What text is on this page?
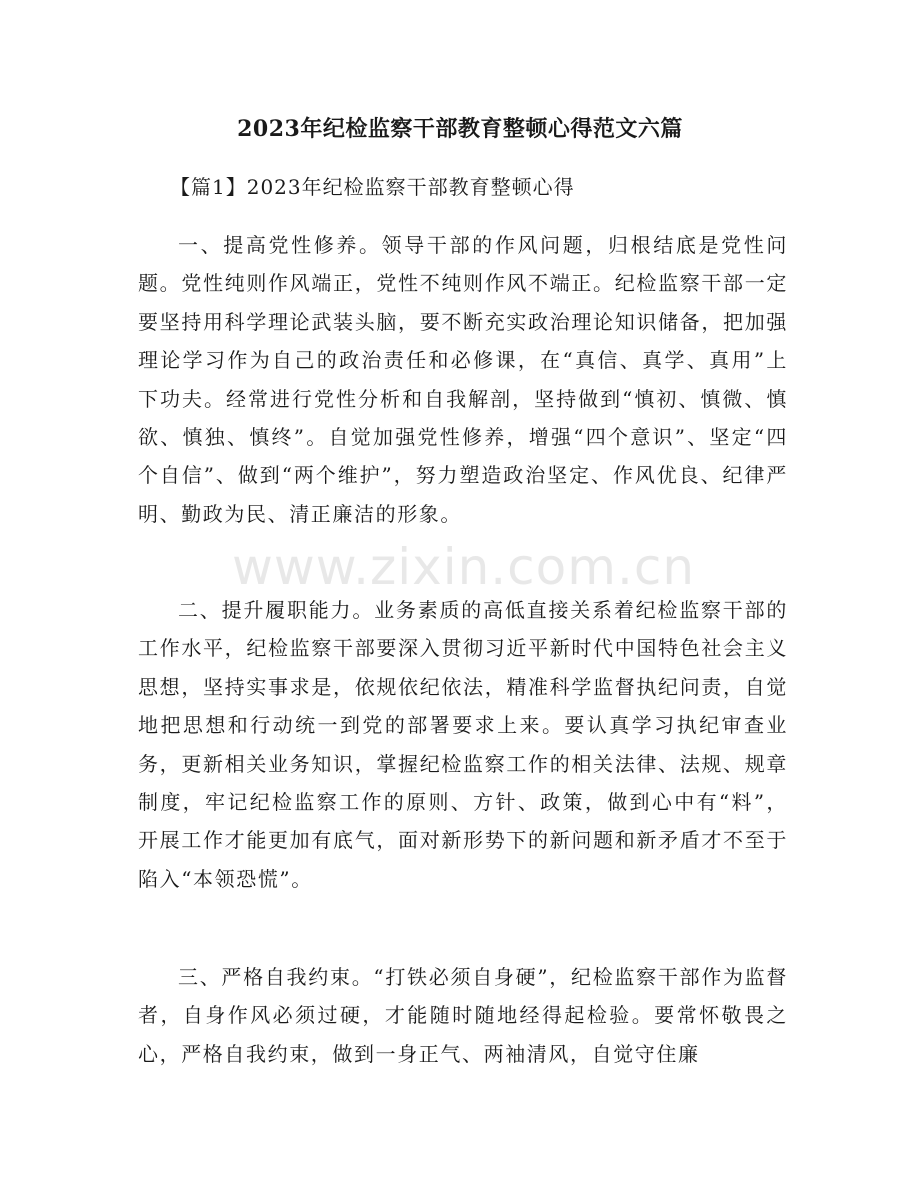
2023年纪检监察干部教育整顿心得范文六篇
【篇1】2023年纪检监察干部教育整顿心得

一、提高党性修养。领导干部的作风问题，归根结底是党性问题。党性纯则作风端正，党性不纯则作风不端正。纪检监察干部一定要坚持用科学理论武装头脑，要不断充实政治理论知识储备，把加强理论学习作为自己的政治责任和必修课，在“真信、真学、真用”上下功夫。经常进行党性分析和自我解剖，坚持做到“慎初、慎微、慎欲、慎独、慎终”。自觉加强党性修养，增强“四个意识”、坚定“四个自信”、做到“两个维护”，努力塑造政治坚定、作风优良、纪律严明、勤政为民、清正廉洁的形象。

www.zixin.com.cn

二、提升履职能力。业务素质的高低直接关系着纪检监察干部的工作水平，纪检监察干部要深入贯彻习近平新时代中国特色社会主义思想，坚持实事求是，依规依纪依法，精准科学监督执纪问责，自觉地把思想和行动统一到党的部署要求上来。要认真学习执纪审查业务，更新相关业务知识，掌握纪检监察工作的相关法律、法规、规章制度，牢记纪检监察工作的原则、方针、政策，做到心中有“料”，开展工作才能更加有底气，面对新形势下的新问题和新矛盾才不至于陷入“本领恐慌”。

三、严格自我约束。“打铁必须自身硬”，纪检监察干部作为监督者，自身作风必须过硬，才能随时随地经得起检验。要常怀敬畏之心，严格自我约束，做到一身正气、两袖清风，自觉守住廉
